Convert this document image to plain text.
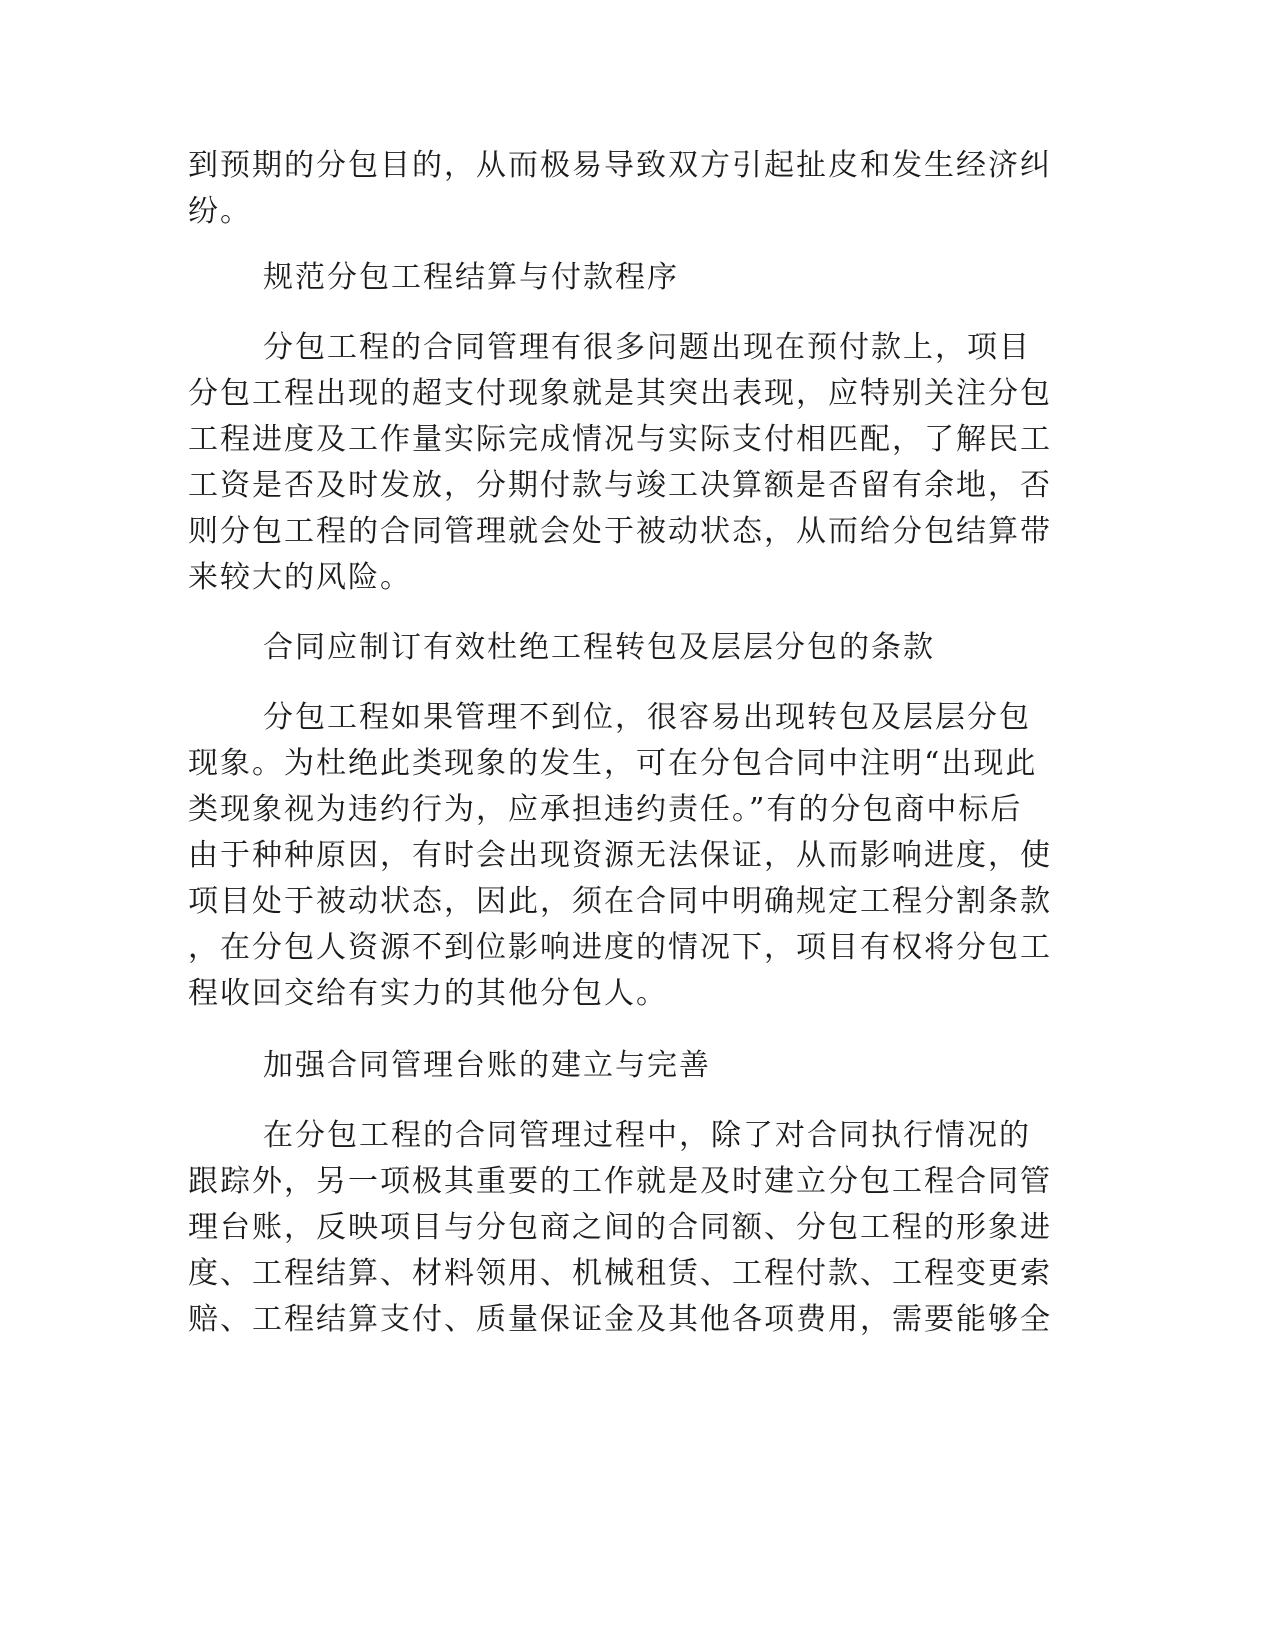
到预期的分包目的，从而极易导致双方引起扯皮和发生经济纠
纷。
规范分包工程结算与付款程序
分包工程的合同管理有很多问题出现在预付款上，项目
分包工程出现的超支付现象就是其突出表现，应特别关注分包
工程进度及工作量实际完成情况与实际支付相匹配，了解民工
工资是否及时发放，分期付款与竣工决算额是否留有余地，否
则分包工程的合同管理就会处于被动状态，从而给分包结算带
来较大的风险。
合同应制订有效杜绝工程转包及层层分包的条款
分包工程如果管理不到位，很容易出现转包及层层分包
现象。为杜绝此类现象的发生，可在分包合同中注明“出现此
类现象视为违约行为，应承担违约责任。”有的分包商中标后
由于种种原因，有时会出现资源无法保证，从而影响进度，使
项目处于被动状态，因此，须在合同中明确规定工程分割条款
，在分包人资源不到位影响进度的情况下，项目有权将分包工
程收回交给有实力的其他分包人。
加强合同管理台账的建立与完善
在分包工程的合同管理过程中，除了对合同执行情况的
跟踪外，另一项极其重要的工作就是及时建立分包工程合同管
理台账，反映项目与分包商之间的合同额、分包工程的形象进
度、工程结算、材料领用、机械租赁、工程付款、工程变更索
赔、工程结算支付、质量保证金及其他各项费用，需要能够全
